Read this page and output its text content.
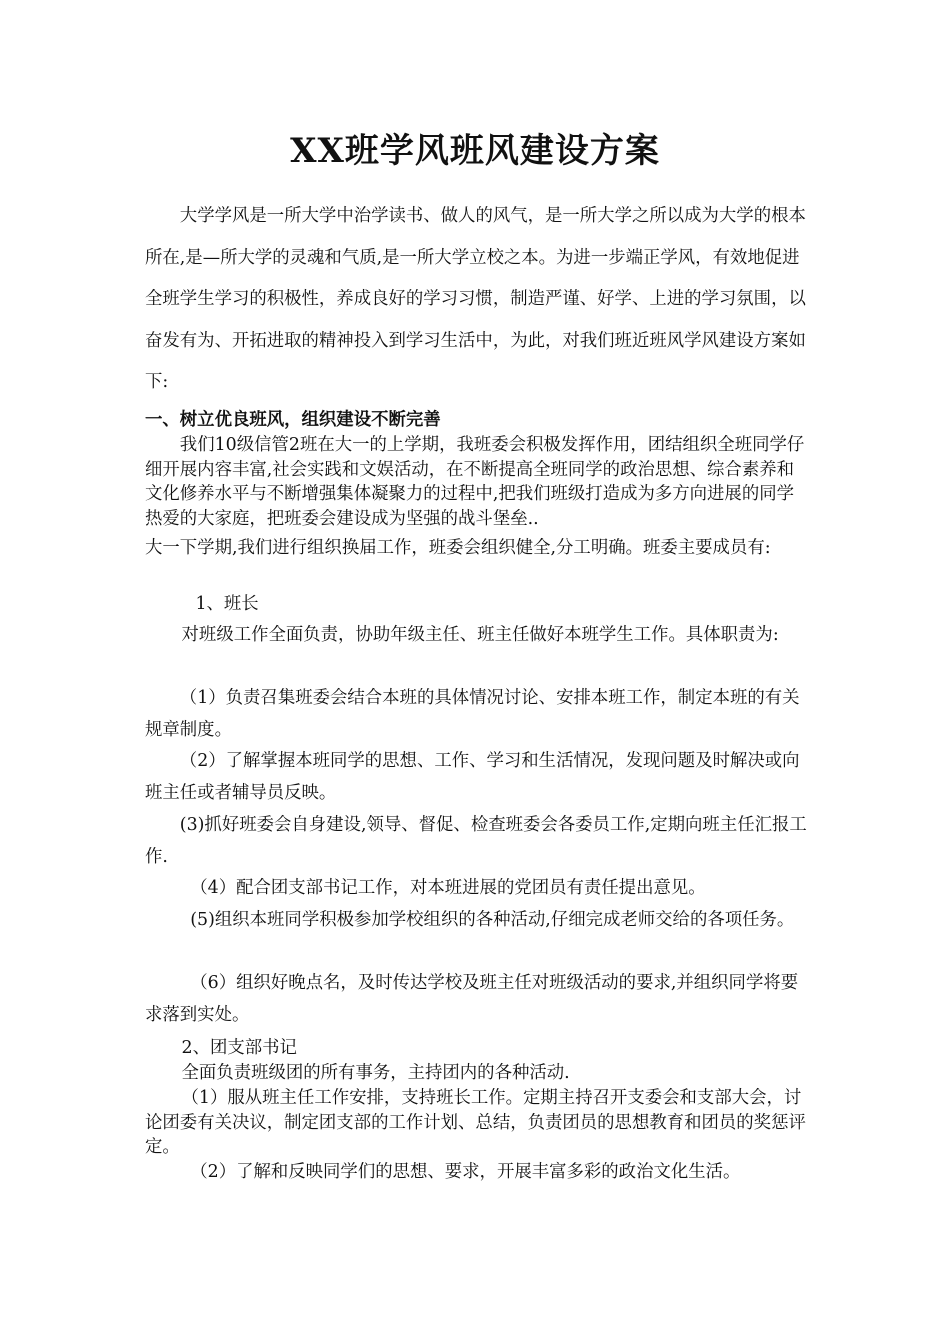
XX班学风班风建设方案

大学学风是一所大学中治学读书、做人的风气，是一所大学之所以成为大学的根本所在,是—所大学的灵魂和气质,是一所大学立校之本。为进一步端正学风，有效地促进全班学生学习的积极性，养成良好的学习习惯，制造严谨、好学、上进的学习氛围，以奋发有为、开拓进取的精神投入到学习生活中，为此，对我们班近班风学风建设方案如下:

一、树立优良班风，组织建设不断完善

我们10级信管2班在大一的上学期，我班委会积极发挥作用，团结组织全班同学仔细开展内容丰富,社会实践和文娱活动，在不断提高全班同学的政治思想、综合素养和文化修养水平与不断增强集体凝聚力的过程中,把我们班级打造成为多方向进展的同学热爱的大家庭，把班委会建设成为坚强的战斗堡垒..

大一下学期,我们进行组织换届工作，班委会组织健全,分工明确。班委主要成员有:

1、班长

对班级工作全面负责，协助年级主任、班主任做好本班学生工作。具体职责为:

（1）负责召集班委会结合本班的具体情况讨论、安排本班工作，制定本班的有关规章制度。

（2）了解掌握本班同学的思想、工作、学习和生活情况，发现问题及时解决或向班主任或者辅导员反映。

(3)抓好班委会自身建设,领导、督促、检查班委会各委员工作,定期向班主任汇报工作.

（4）配合团支部书记工作，对本班进展的党团员有责任提出意见。

(5)组织本班同学积极参加学校组织的各种活动,仔细完成老师交给的各项任务。

（6）组织好晚点名，及时传达学校及班主任对班级活动的要求,并组织同学将要求落到实处。

2、团支部书记

全面负责班级团的所有事务，主持团内的各种活动.

（1）服从班主任工作安排，支持班长工作。定期主持召开支委会和支部大会，讨论团委有关决议，制定团支部的工作计划、总结，负责团员的思想教育和团员的奖惩评定。

（2）了解和反映同学们的思想、要求，开展丰富多彩的政治文化生活。
